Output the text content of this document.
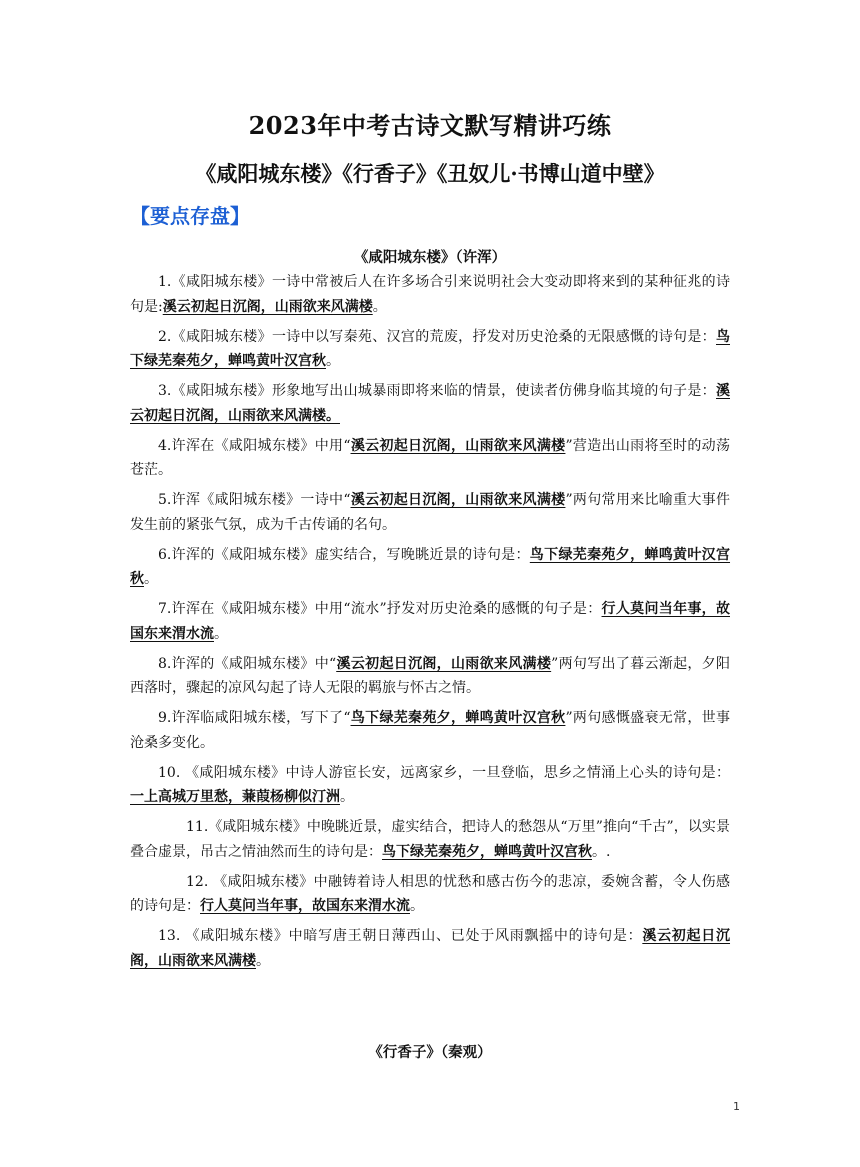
2023年中考古诗文默写精讲巧练
《咸阳城东楼》《行香子》《丑奴儿·书博山道中壁》
【要点存盘】
《咸阳城东楼》（许浑）

1.《咸阳城东楼》一诗中常被后人在许多场合引来说明社会大变动即将来到的某种征兆的诗句是:溪云初起日沉阁，山雨欲来风满楼。

2.《咸阳城东楼》一诗中以写秦苑、汉宫的荒废，抒发对历史沧桑的无限感慨的诗句是：鸟下绿芜秦苑夕，蝉鸣黄叶汉宫秋。

3.《咸阳城东楼》形象地写出山城暴雨即将来临的情景，使读者仿佛身临其境的句子是：溪云初起日沉阁，山雨欲来风满楼。

4.许浑在《咸阳城东楼》中用“溪云初起日沉阁，山雨欲来风满楼”营造出山雨将至时的动荡苍茫。

5.许浑《咸阳城东楼》一诗中“溪云初起日沉阁，山雨欲来风满楼”两句常用来比喻重大事件发生前的紧张气氛，成为千古传诵的名句。

6.许浑的《咸阳城东楼》虚实结合，写晚眺近景的诗句是：鸟下绿芜秦苑夕，蝉鸣黄叶汉宫秋。

7.许浑在《咸阳城东楼》中用“流水”抒发对历史沧桑的感慨的句子是：行人莫问当年事，故国东来渭水流。

8.许浑的《咸阳城东楼》中“溪云初起日沉阁，山雨欲来风满楼”两句写出了暮云渐起，夕阳西落时，骤起的凉风勾起了诗人无限的羁旅与怀古之情。

9.许浑临咸阳城东楼，写下了“鸟下绿芜秦苑夕，蝉鸣黄叶汉宫秋”两句感慨盛衰无常，世事沧桑多变化。

10. 《咸阳城东楼》中诗人游宦长安，远离家乡，一旦登临，思乡之情涌上心头的诗句是：一上高城万里愁，蒹葭杨柳似汀洲。

11.《咸阳城东楼》中晚眺近景，虚实结合，把诗人的愁怨从“万里”推向“千古”，以实景叠合虚景，吊古之情油然而生的诗句是：鸟下绿芜秦苑夕，蝉鸣黄叶汉宫秋。.

12. 《咸阳城东楼》中融铸着诗人相思的忧愁和感古伤今的悲凉，委婉含蓄，令人伤感的诗句是：行人莫问当年事，故国东来渭水流。

13. 《咸阳城东楼》中暗写唐王朝日薄西山、已处于风雨飘摇中的诗句是：溪云初起日沉阁，山雨欲来风满楼。

《行香子》（秦观）
1
